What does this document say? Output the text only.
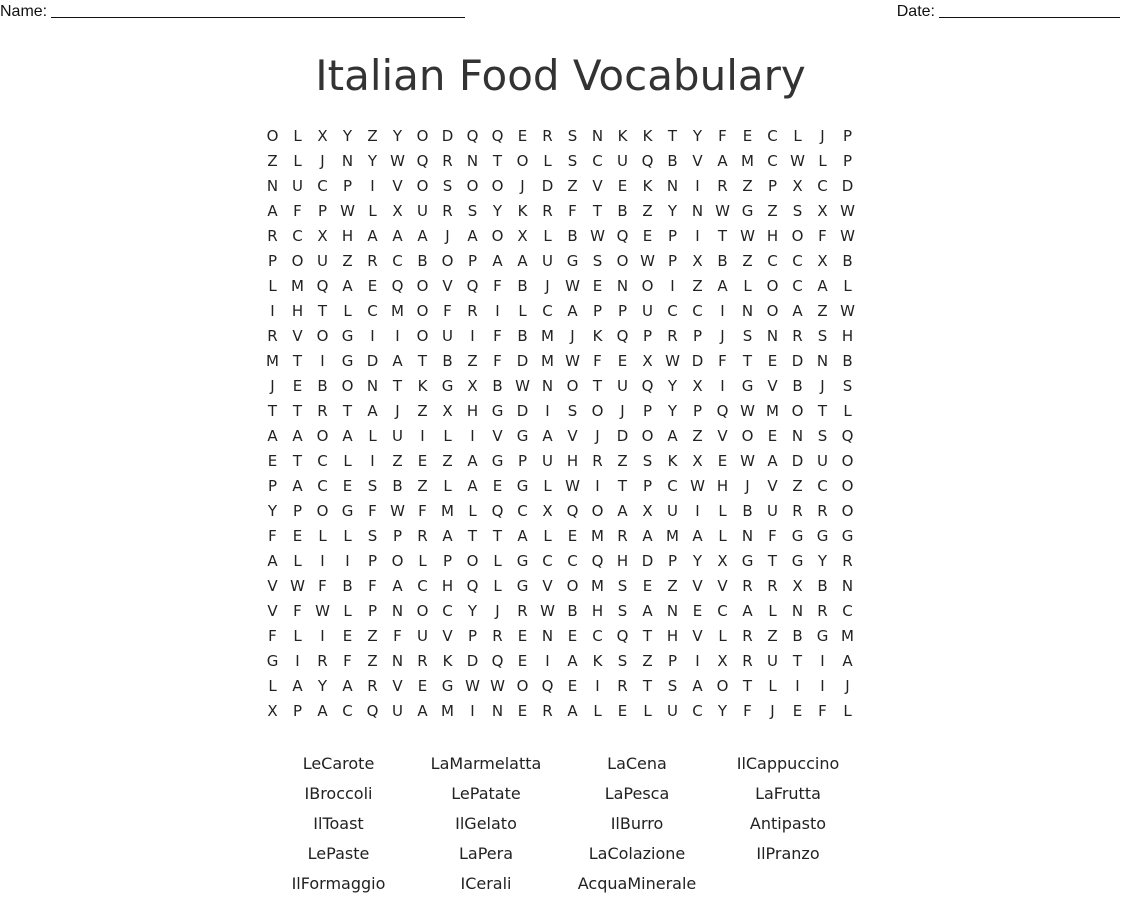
Name:	Date:
Italian Food Vocabulary
O L	X	Y	Z	Y O D Q Q E	R	S N K	K	T	Y	F	E	C	L	J	P
Z	L	J	N Y W Q R N T O L	S C U Q B V A M C W L	P
N U C	P	I	V O S O O	J	D Z V	E	K N	I	R Z	P	X C D
A	F	P W L	X U R	S	Y	K R	F	T	B Z	Y N W G Z	S	X W
R C X H A A A	J	A O X	L	B W Q E	P	I	T W H O F W
P O U Z R C B O P	A A U G S O W P	X B Z C C X B
L M Q A	E Q O V Q F	B	J	W E N O	I	Z A	L O C A	L
I	H T	L	C M O F	R	I	L	C A	P	P U C C	I	N O A Z W
R V O G	I	I	O U	I	F	B M	J	K Q P	R	P	J	S N R	S H
M T	I	G D A	T	B Z	F D M W F	E	X W D F	T	E D N B
J	E	B O N T	K G X B W N O T U Q Y	X	I	G V B	J	S
T	T	R	T	A	J	Z X H G D	I	S O	J	P	Y	P Q W M O T	L
A A O A	L	U	I	L	I	V G A V	J	D O A Z V O E N S Q
E	T	C	L	I	Z	E	Z A G P U H R Z	S	K X	E W A D U O
P	A C	E	S	B Z	L	A	E G	L W	I	T	P	C W H	J	V Z C O
Y	P O G F W F M L Q C X Q O A X U	I	L	B U R R O
F	E	L	L	S	P	R A	T	T	A	L	E M R A M A	L	N	F G G G
A	L	I	I	P O L	P O L	G C C Q H D P	Y	X G T G Y	R
V W F	B	F	A C H Q L	G V O M S	E	Z V V R R X B N
V	F W L	P N O C	Y	J	R W B H S	A N E	C A	L	N R C
F	L	I	E	Z	F	U V	P	R	E N E	C Q T H V	L	R Z B G M
G	I	R	F	Z N R K D Q E	I	A K	S	Z	P	I	X R U T	I	A
L	A	Y	A R V	E G W W O Q E	I	R	T	S	A O T	L	I	I	J
X	P	A C Q U A M	I	N E	R A	L	E	L	U C	Y	F	J	E	F	L
LeCarote	LaMarmelatta	LaCena	IlCappuccino
IBroccoli	LePatate	LaPesca	LaFrutta
IlToast	IlGelato	IlBurro	Antipasto
LePaste	LaPera	LaColazione	IlPranzo
IlFormaggio	ICerali	AcquaMinerale
